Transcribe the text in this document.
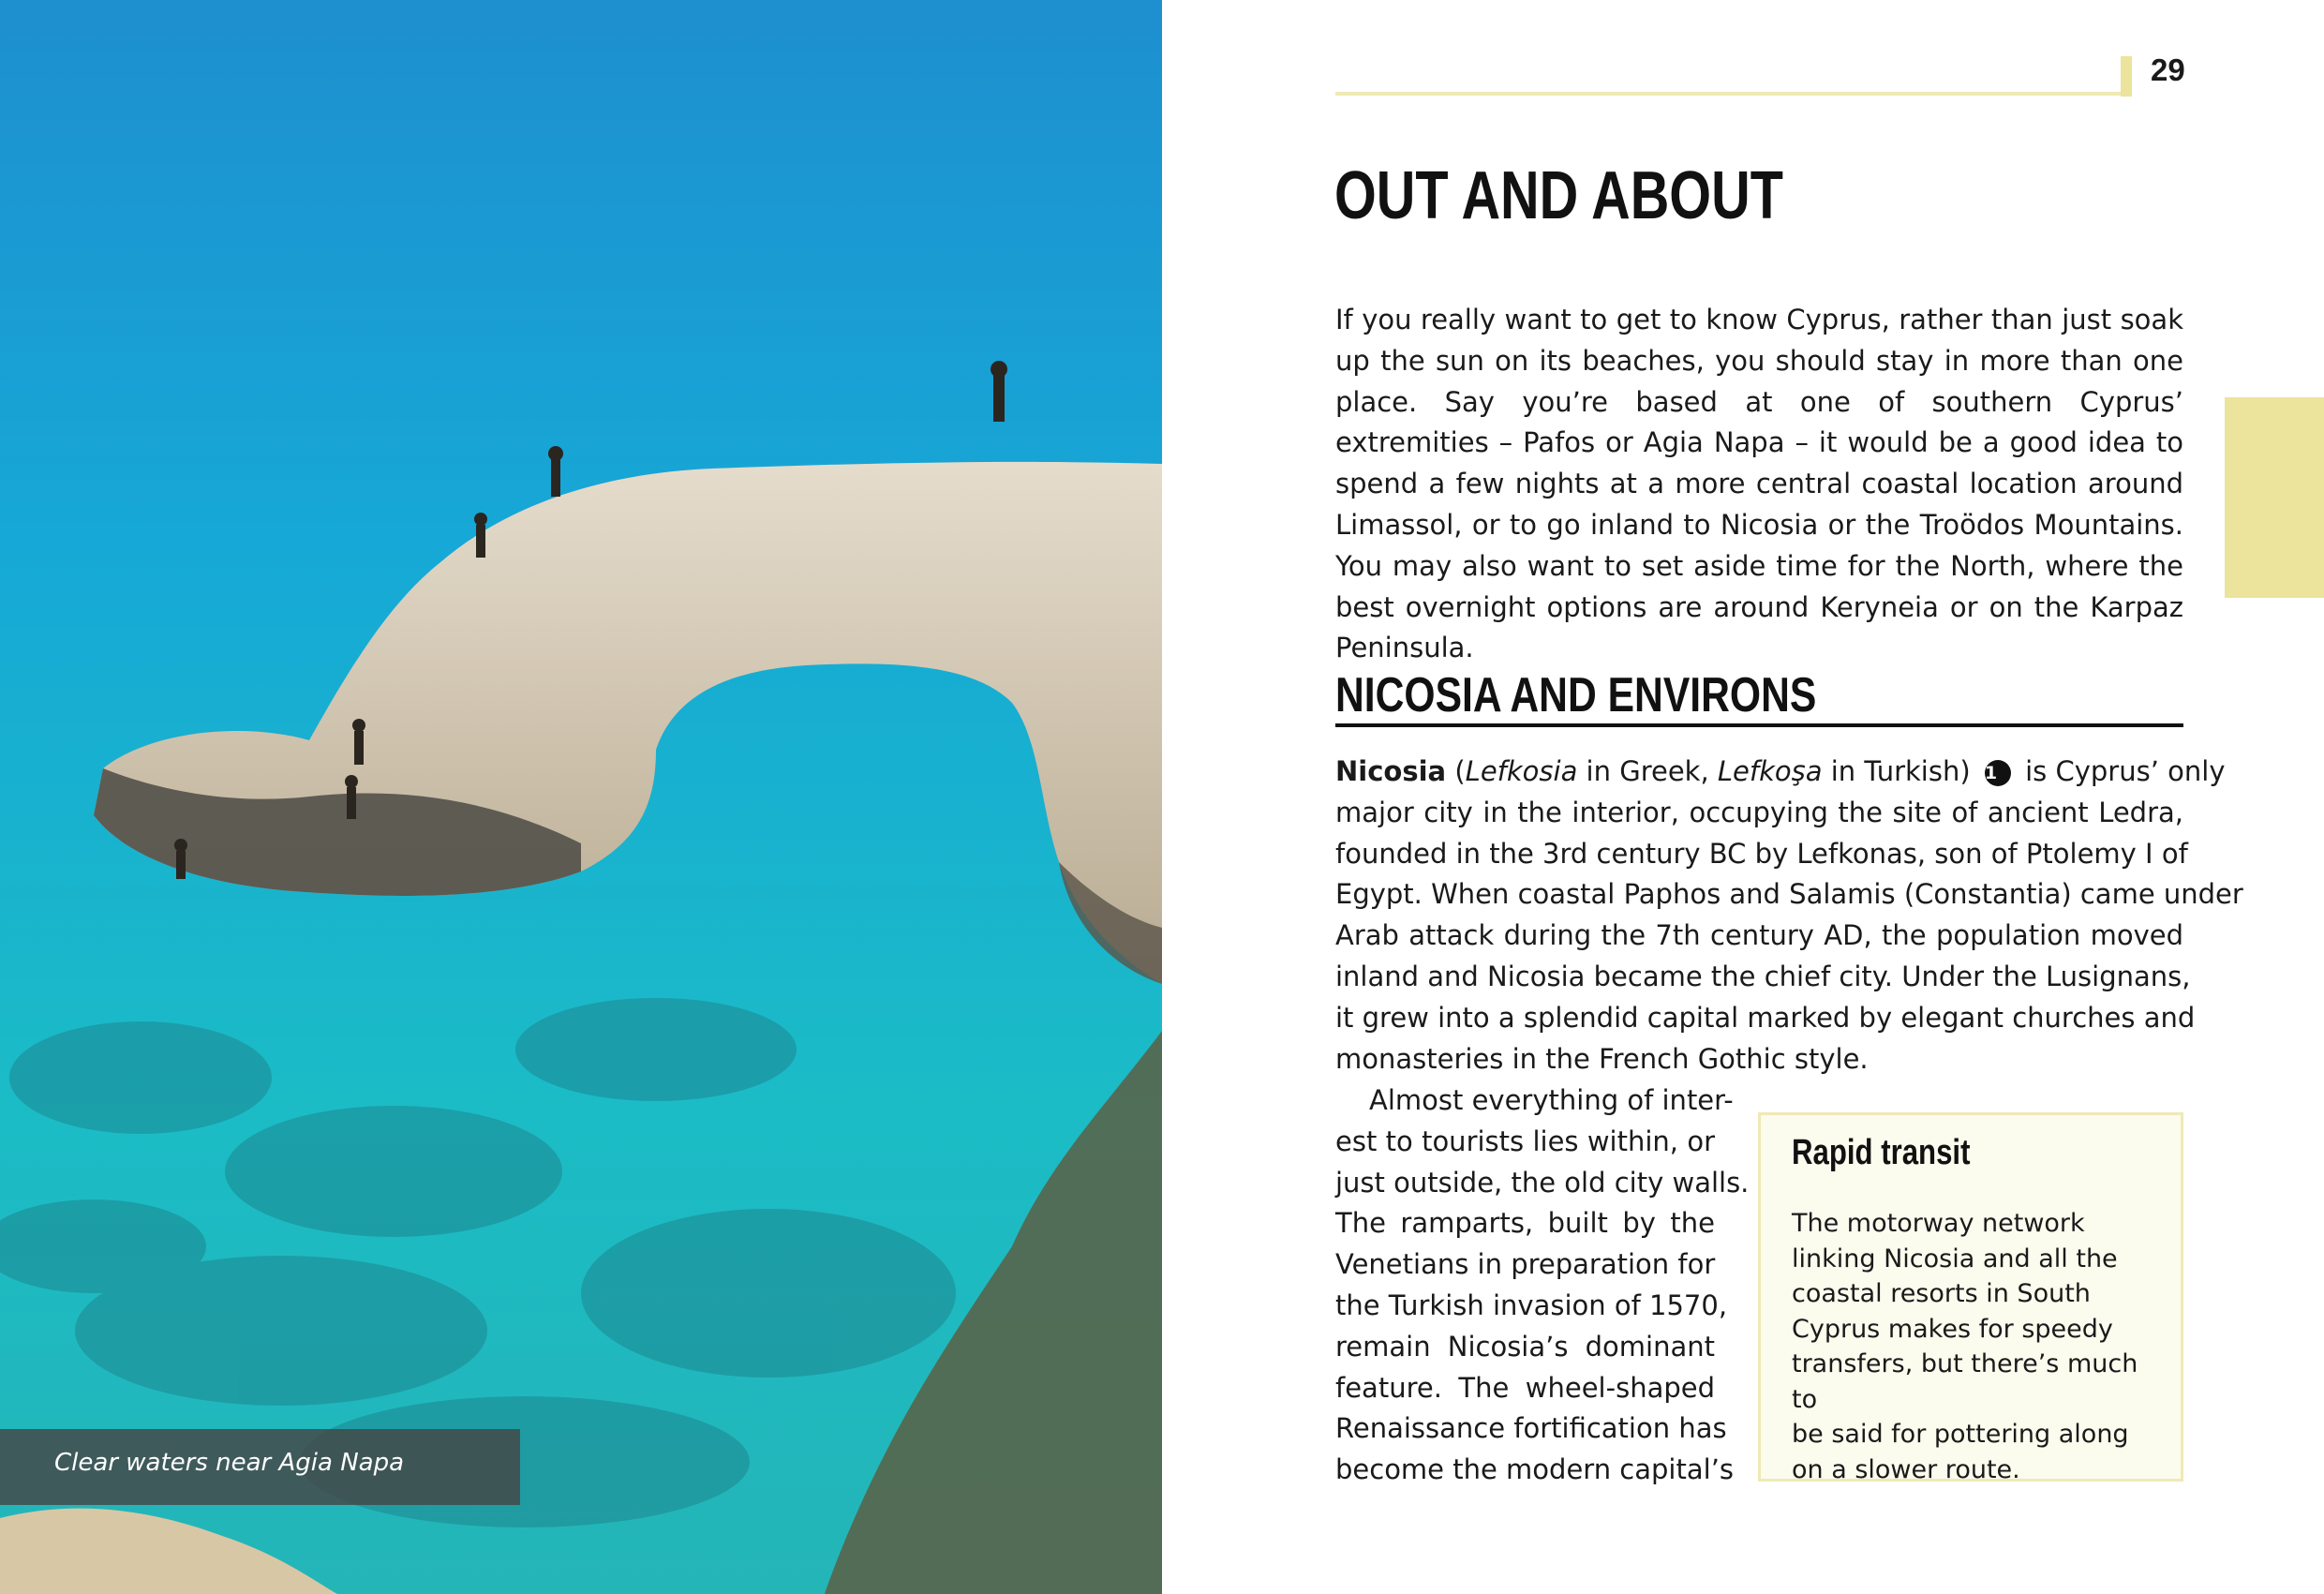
Clear waters near Agia Napa
29
OUT AND ABOUT
If you really want to get to know Cyprus, rather than just soak up the sun on its beaches, you should stay in more than one place. Say you’re based at one of southern Cyprus’ extremities – Pafos or Agia Napa – it would be a good idea to spend a few nights at a more central coastal location around Limassol, or to go inland to Nicosia or the Troödos Mountains. You may also want to set aside time for the North, where the best overnight options are around Keryneia or on the Karpaz Peninsula.
NICOSIA AND ENVIRONS
Nicosia (Lefkosia in Greek, Lefkoşa in Turkish) 1 is Cyprus’ only
major city in the interior, occupying the site of ancient Ledra,
founded in the 3rd century BC by Lefkonas, son of Ptolemy I of
Egypt. When coastal Paphos and Salamis (Constantia) came under
Arab attack during the 7th century AD, the population moved
inland and Nicosia became the chief city. Under the Lusignans,
it grew into a splendid capital marked by elegant churches and
monasteries in the French Gothic style.
Almost everything of inter-
est to tourists lies within, or
just outside, the old city walls.
The ramparts, built by the
Venetians in preparation for
the Turkish invasion of 1570,
remain Nicosia’s dominant
feature. The wheel-shaped
Renaissance fortification has
become the modern capital’s
Rapid transit
The motorway network
linking Nicosia and all the
coastal resorts in South
Cyprus makes for speedy
transfers, but there’s much to
be said for pottering along
on a slower route.
